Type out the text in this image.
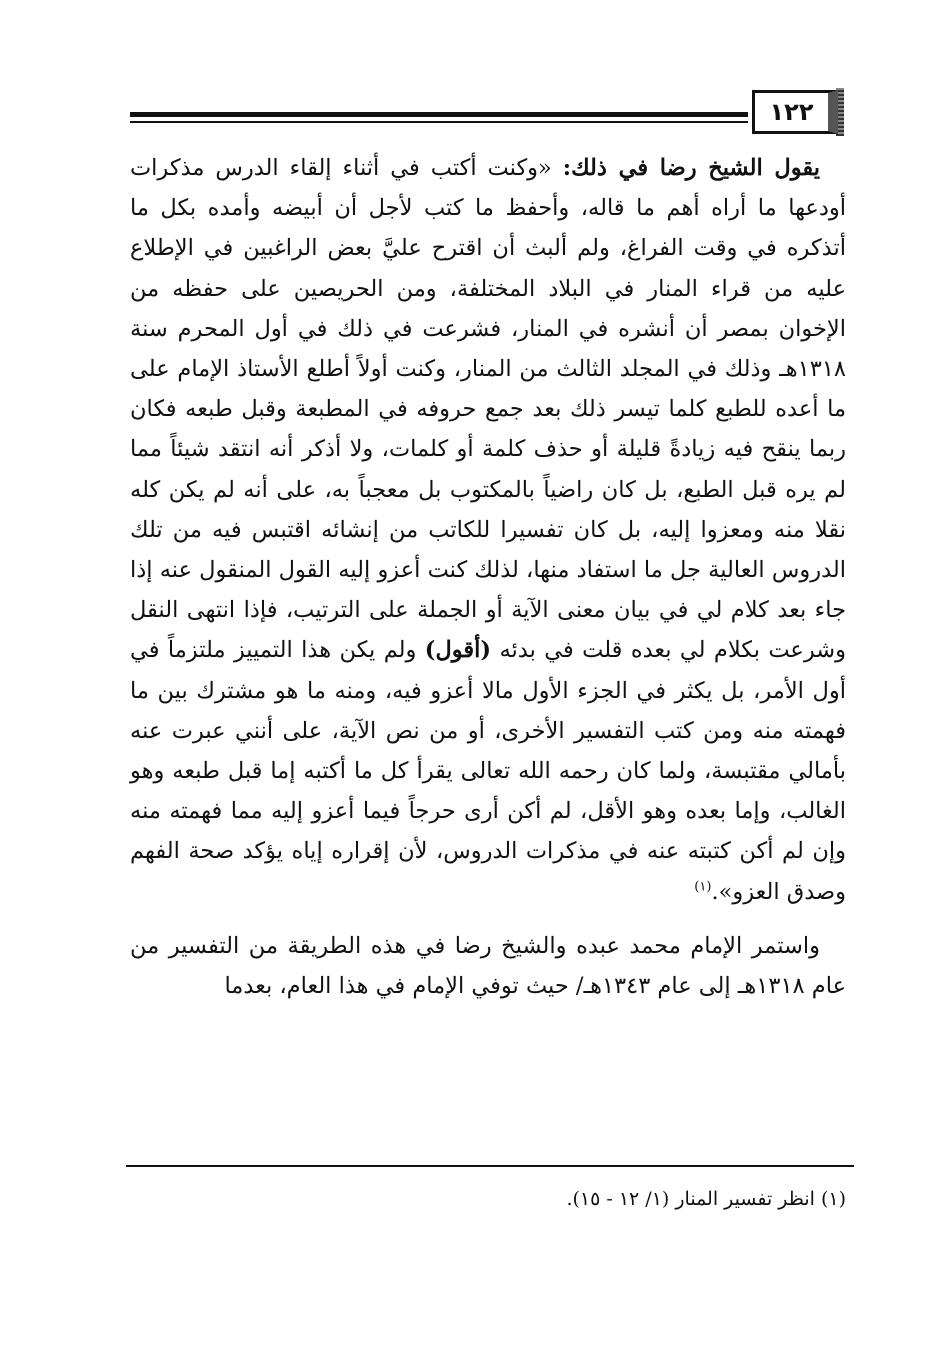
١٢٢

يقول الشيخ رضا في ذلك: «وكنت أكتب في أثناء إلقاء الدرس مذكرات أودعها ما أراه أهم ما قاله، وأحفظ ما كتب لأجل أن أبيضه وأمده بكل ما أتذكره في وقت الفراغ، ولم ألبث أن اقترح عليَّ بعض الراغبين في الإطلاع عليه من قراء المنار في البلاد المختلفة، ومن الحريصين على حفظه من الإخوان بمصر أن أنشره في المنار، فشرعت في ذلك في أول المحرم سنة ١٣١٨هـ وذلك في المجلد الثالث من المنار، وكنت أولاً أطلع الأستاذ الإمام على ما أعده للطبع كلما تيسر ذلك بعد جمع حروفه في المطبعة وقبل طبعه فكان ربما ينقح فيه زيادةً قليلة أو حذف كلمة أو كلمات، ولا أذكر أنه انتقد شيئاً مما لم يره قبل الطبع، بل كان راضياً بالمكتوب بل معجباً به، على أنه لم يكن كله نقلا منه ومعزوا إليه، بل كان تفسيرا للكاتب من إنشائه اقتبس فيه من تلك الدروس العالية جل ما استفاد منها، لذلك كنت أعزو إليه القول المنقول عنه إذا جاء بعد كلام لي في بيان معنى الآية أو الجملة على الترتيب، فإذا انتهى النقل وشرعت بكلام لي بعده قلت في بدئه (أقول) ولم يكن هذا التمييز ملتزماً في أول الأمر، بل يكثر في الجزء الأول مالا أعزو فيه، ومنه ما هو مشترك بين ما فهمته منه ومن كتب التفسير الأخرى، أو من نص الآية، على أنني عبرت عنه بأمالي مقتبسة، ولما كان رحمه الله تعالى يقرأ كل ما أكتبه إما قبل طبعه وهو الغالب، وإما بعده وهو الأقل، لم أكن أرى حرجاً فيما أعزو إليه مما فهمته منه وإن لم أكن كتبته عنه في مذكرات الدروس، لأن إقراره إياه يؤكد صحة الفهم وصدق العزو».$^{(١)}$

واستمر الإمام محمد عبده والشيخ رضا في هذه الطريقة من التفسير من عام ١٣١٨هـ إلى عام ١٣٤٣هـ/ حيث توفي الإمام في هذا العام، بعدما

(١) انظر تفسير المنار (١/ ١٢ - ١٥).
